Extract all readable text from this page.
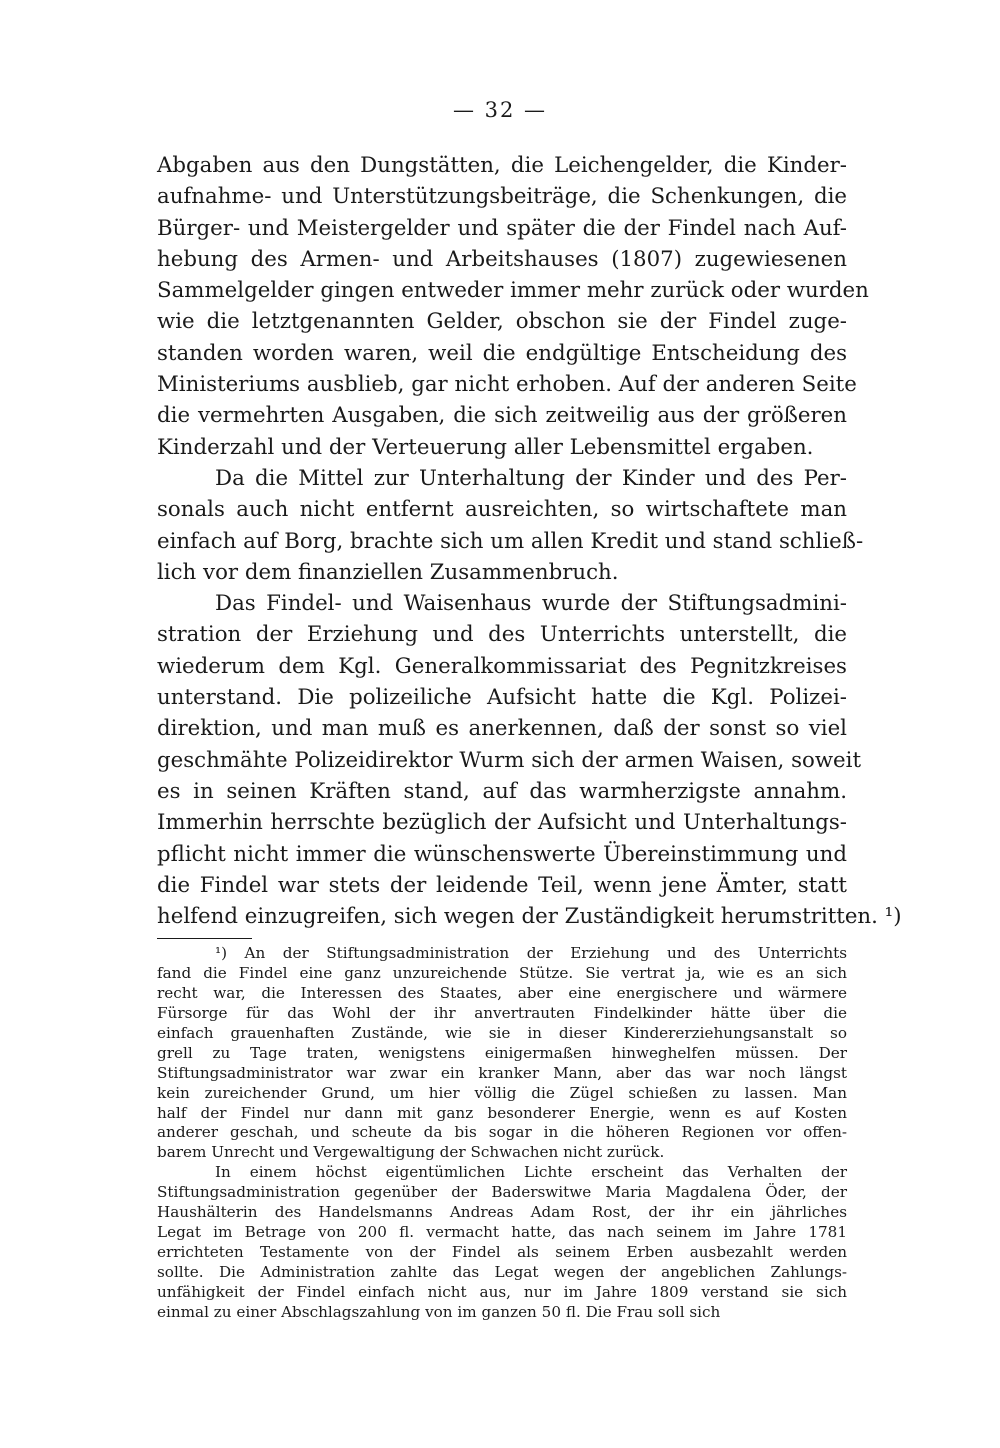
— 32 —
Abgaben aus den Dungstätten, die Leichengelder, die Kinder-
aufnahme- und Unterstützungsbeiträge, die Schenkungen, die
Bürger- und Meistergelder und später die der Findel nach Auf-
hebung des Armen- und Arbeitshauses (1807) zugewiesenen
Sammelgelder gingen entweder immer mehr zurück oder wurden
wie die letztgenannten Gelder, obschon sie der Findel zuge-
standen worden waren, weil die endgültige Entscheidung des
Ministeriums ausblieb, gar nicht erhoben. Auf der anderen Seite
die vermehrten Ausgaben, die sich zeitweilig aus der größeren
Kinderzahl und der Verteuerung aller Lebensmittel ergaben.
Da die Mittel zur Unterhaltung der Kinder und des Per-
sonals auch nicht entfernt ausreichten, so wirtschaftete man
einfach auf Borg, brachte sich um allen Kredit und stand schließ-
lich vor dem finanziellen Zusammenbruch.
Das Findel- und Waisenhaus wurde der Stiftungsadmini-
stration der Erziehung und des Unterrichts unterstellt, die
wiederum dem Kgl. Generalkommissariat des Pegnitzkreises
unterstand. Die polizeiliche Aufsicht hatte die Kgl. Polizei-
direktion, und man muß es anerkennen, daß der sonst so viel
geschmähte Polizeidirektor Wurm sich der armen Waisen, soweit
es in seinen Kräften stand, auf das warmherzigste annahm.
Immerhin herrschte bezüglich der Aufsicht und Unterhaltungs-
pflicht nicht immer die wünschenswerte Übereinstimmung und
die Findel war stets der leidende Teil, wenn jene Ämter, statt
helfend einzugreifen, sich wegen der Zuständigkeit herumstritten. ¹)
¹) An der Stiftungsadministration der Erziehung und des Unterrichts
fand die Findel eine ganz unzureichende Stütze. Sie vertrat ja, wie es an sich
recht war, die Interessen des Staates, aber eine energischere und wärmere
Fürsorge für das Wohl der ihr anvertrauten Findelkinder hätte über die
einfach grauenhaften Zustände, wie sie in dieser Kindererziehungsanstalt so
grell zu Tage traten, wenigstens einigermaßen hinweghelfen müssen. Der
Stiftungsadministrator war zwar ein kranker Mann, aber das war noch längst
kein zureichender Grund, um hier völlig die Zügel schießen zu lassen. Man
half der Findel nur dann mit ganz besonderer Energie, wenn es auf Kosten
anderer geschah, und scheute da bis sogar in die höheren Regionen vor offen-
barem Unrecht und Vergewaltigung der Schwachen nicht zurück.
In einem höchst eigentümlichen Lichte erscheint das Verhalten der
Stiftungsadministration gegenüber der Baderswitwe Maria Magdalena Öder, der
Haushälterin des Handelsmanns Andreas Adam Rost, der ihr ein jährliches
Legat im Betrage von 200 fl. vermacht hatte, das nach seinem im Jahre 1781
errichteten Testamente von der Findel als seinem Erben ausbezahlt werden
sollte. Die Administration zahlte das Legat wegen der angeblichen Zahlungs-
unfähigkeit der Findel einfach nicht aus, nur im Jahre 1809 verstand sie sich
einmal zu einer Abschlagszahlung von im ganzen 50 fl. Die Frau soll sich
